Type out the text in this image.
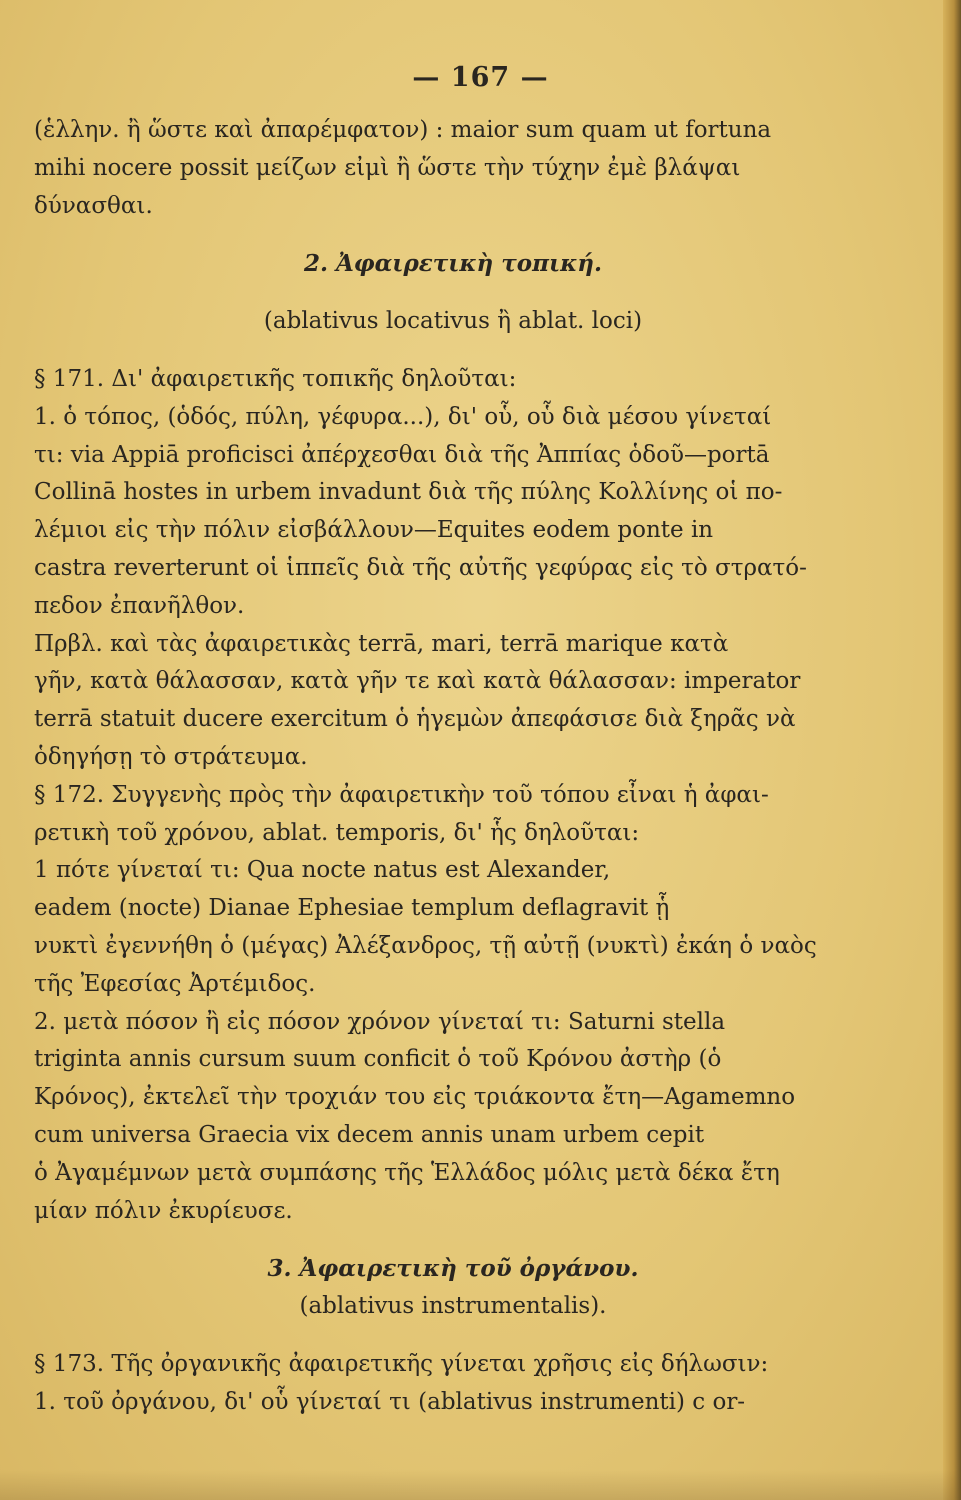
— 167 —
(ἑλλην. ἢ ὥστε καὶ ἀπαρέμφατον) : maior sum quam ut fortuna
mihi nocere possit μείζων εἰμὶ ἢ ὥστε τὴν τύχην ἐμὲ βλάψαι
δύνασθαι.
2. Ἀφαιρετικὴ τοπική.
(ablativus locativus ἢ ablat. loci)
§ 171. Δι' ἀφαιρετικῆς τοπικῆς δηλοῦται:
1. ὁ τόπος, (ὁδός, πύλη, γέφυρα...), δι' οὗ, οὗ διὰ μέσου γίνεταί
τι: via Appiā proficisci ἀπέρχεσθαι διὰ τῆς Ἀππίας ὁδοῦ—portā
Collinā hostes in urbem invadunt διὰ τῆς πύλης Κολλίνης οἱ πο-
λέμιοι εἰς τὴν πόλιν εἰσβάλλουν—Equites eodem ponte in
castra reverterunt οἱ ἱππεῖς διὰ τῆς αὐτῆς γεφύρας εἰς τὸ στρατό-
πεδον ἐπανῆλθον.
Πρβλ. καὶ τὰς ἀφαιρετικὰς terrā, mari, terrā marique κατὰ
γῆν, κατὰ θάλασσαν, κατὰ γῆν τε καὶ κατὰ θάλασσαν: imperator
terrā statuit ducere exercitum ὁ ἡγεμὼν ἀπεφάσισε διὰ ξηρᾶς νὰ
ὁδηγήσῃ τὸ στράτευμα.
§ 172. Συγγενὴς πρὸς τὴν ἀφαιρετικὴν τοῦ τόπου εἶναι ἡ ἀφαι-
ρετικὴ τοῦ χρόνου, ablat. temporis, δι' ἧς δηλοῦται:
1 πότε γίνεταί τι: Qua nocte natus est Alexander,
eadem (nocte) Dianae Ephesiae templum deflagravit ᾗ
νυκτὶ ἐγεννήθη ὁ (μέγας) Ἀλέξανδρος, τῇ αὐτῇ (νυκτὶ) ἐκάη ὁ ναὸς
τῆς Ἐφεσίας Ἀρτέμιδος.
2. μετὰ πόσον ἢ εἰς πόσον χρόνον γίνεταί τι: Saturni stella
triginta annis cursum suum conficit ὁ τοῦ Κρόνου ἀστὴρ (ὁ
Κρόνος), ἐκτελεῖ τὴν τροχιάν του εἰς τριάκοντα ἔτη—Agamemno
cum universa Graecia vix decem annis unam urbem cepit
ὁ Ἀγαμέμνων μετὰ συμπάσης τῆς Ἑλλάδος μόλις μετὰ δέκα ἔτη
μίαν πόλιν ἐκυρίευσε.
3. Ἀφαιρετικὴ τοῦ ὀργάνου.
(ablativus instrumentalis).
§ 173. Τῆς ὀργανικῆς ἀφαιρετικῆς γίνεται χρῆσις εἰς δήλωσιν:
1. τοῦ ὀργάνου, δι' οὗ γίνεταί τι (ablativus instrumenti) c or-
